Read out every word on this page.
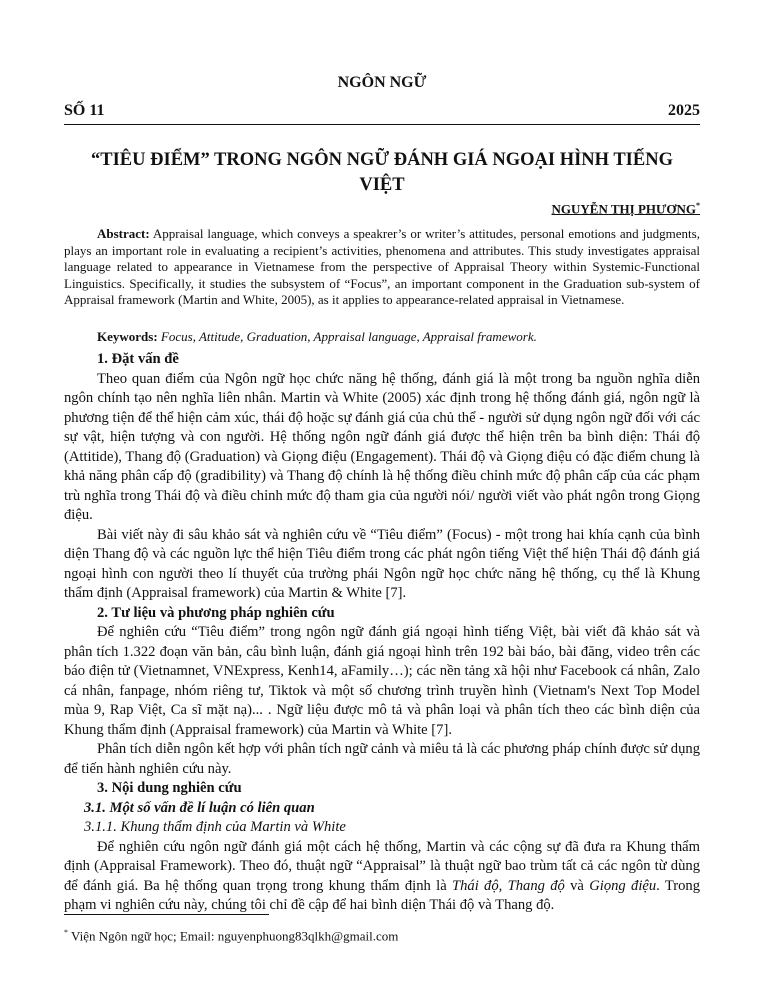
NGÔN NGỮ
SỐ 11	2025
“TIÊU ĐIỂM” TRONG NGÔN NGỮ ĐÁNH GIÁ NGOẠI HÌNH TIẾNG VIỆT
NGUYỄN THỊ PHƯƠNG*
Abstract: Appraisal language, which conveys a speakrer’s or writer’s attitudes, personal emotions and judgments, plays an important role in evaluating a recipient’s activities, phenomena and attributes. This study investigates appraisal language related to appearance in Vietnamese from the perspective of Appraisal Theory within Systemic-Functional Linguistics. Specifically, it studies the subsystem of “Focus”, an important component in the Graduation sub-system of Appraisal framework (Martin and White, 2005), as it applies to appearance-related appraisal in Vietnamese.
Keywords: Focus, Attitude, Graduation, Appraisal language, Appraisal framework.

1. Đặt vấn đề

Theo quan điểm của Ngôn ngữ học chức năng hệ thống, đánh giá là một trong ba nguồn nghĩa diễn ngôn chính tạo nên nghĩa liên nhân. Martin và White (2005) xác định trong hệ thống đánh giá, ngôn ngữ là phương tiện để thể hiện cảm xúc, thái độ hoặc sự đánh giá của chủ thể - người sử dụng ngôn ngữ đối với các sự vật, hiện tượng và con người. Hệ thống ngôn ngữ đánh giá được thể hiện trên ba bình diện: Thái độ (Attitide), Thang độ (Graduation) và Giọng điệu (Engagement). Thái độ và Giọng điệu có đặc điểm chung là khả năng phân cấp độ (gradibility) và Thang độ chính là hệ thống điều chỉnh mức độ phân cấp của các phạm trù nghĩa trong Thái độ và điều chỉnh mức độ tham gia của người nói/ người viết vào phát ngôn trong Giọng điệu.

Bài viết này đi sâu khảo sát và nghiên cứu về “Tiêu điểm” (Focus) - một trong hai khía cạnh của bình diện Thang độ và các nguồn lực thể hiện Tiêu điểm trong các phát ngôn tiếng Việt thể hiện Thái độ đánh giá ngoại hình con người theo lí thuyết của trường phái Ngôn ngữ học chức năng hệ thống, cụ thể là Khung thẩm định (Appraisal framework) của Martin & White [7].

2. Tư liệu và phương pháp nghiên cứu

Để nghiên cứu “Tiêu điểm” trong ngôn ngữ đánh giá ngoại hình tiếng Việt, bài viết đã khảo sát và phân tích 1.322 đoạn văn bản, câu bình luận, đánh giá ngoại hình trên 192 bài báo, bài đăng, video trên các báo điện tử (Vietnamnet, VNExpress, Kenh14, aFamily…); các nền tảng xã hội như Facebook cá nhân, Zalo cá nhân, fanpage, nhóm riêng tư, Tiktok và một số chương trình truyền hình (Vietnam's Next Top Model mùa 9, Rap Việt, Ca sĩ mặt nạ)... . Ngữ liệu được mô tả và phân loại và phân tích theo các bình diện của Khung thẩm định (Appraisal framework) của Martin và White [7].

Phân tích diễn ngôn kết hợp với phân tích ngữ cảnh và miêu tả là các phương pháp chính được sử dụng để tiến hành nghiên cứu này.

3. Nội dung nghiên cứu

3.1. Một số vấn đề lí luận có liên quan

3.1.1. Khung thẩm định của Martin và White

Để nghiên cứu ngôn ngữ đánh giá một cách hệ thống, Martin và các cộng sự đã đưa ra Khung thẩm định (Appraisal Framework). Theo đó, thuật ngữ “Appraisal” là thuật ngữ bao trùm tất cả các ngôn từ dùng để đánh giá. Ba hệ thống quan trọng trong khung thẩm định là Thái độ, Thang độ và Giọng điệu. Trong phạm vi nghiên cứu này, chúng tôi chỉ đề cập để hai bình diện Thái độ và Thang độ.

* Viện Ngôn ngữ học; Email: nguyenphuong83qlkh@gmail.com
